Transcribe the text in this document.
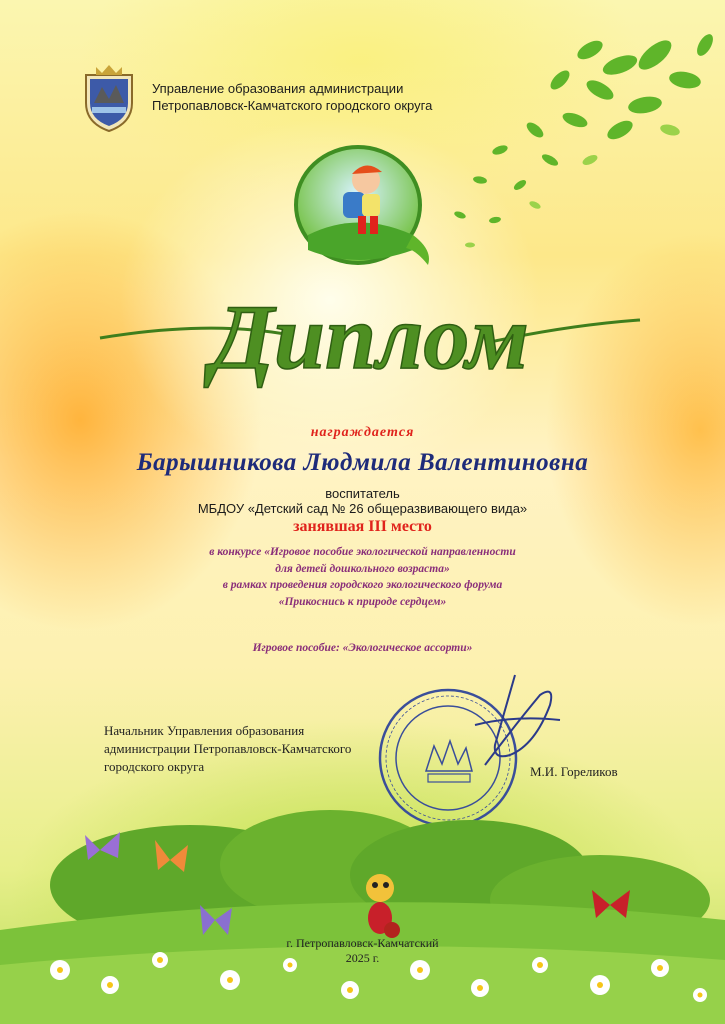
Управление образования администрации
Петропавловск-Камчатского городского округа
Диплом
награждается
Барышникова Людмила Валентиновна
воспитатель
МБДОУ «Детский сад № 26 общеразвивающего вида»
занявшая III место
в конкурсе «Игровое пособие экологической направленности
для детей дошкольного возраста»
в рамках проведения городского экологического форума
«Прикоснись к природе сердцем»
Игровое пособие: «Экологическое ассорти»
Начальник Управления образования
администрации Петропавловск-Камчатского
городского округа	М.И. Гореликов
г. Петропавловск-Камчатский
2025 г.
